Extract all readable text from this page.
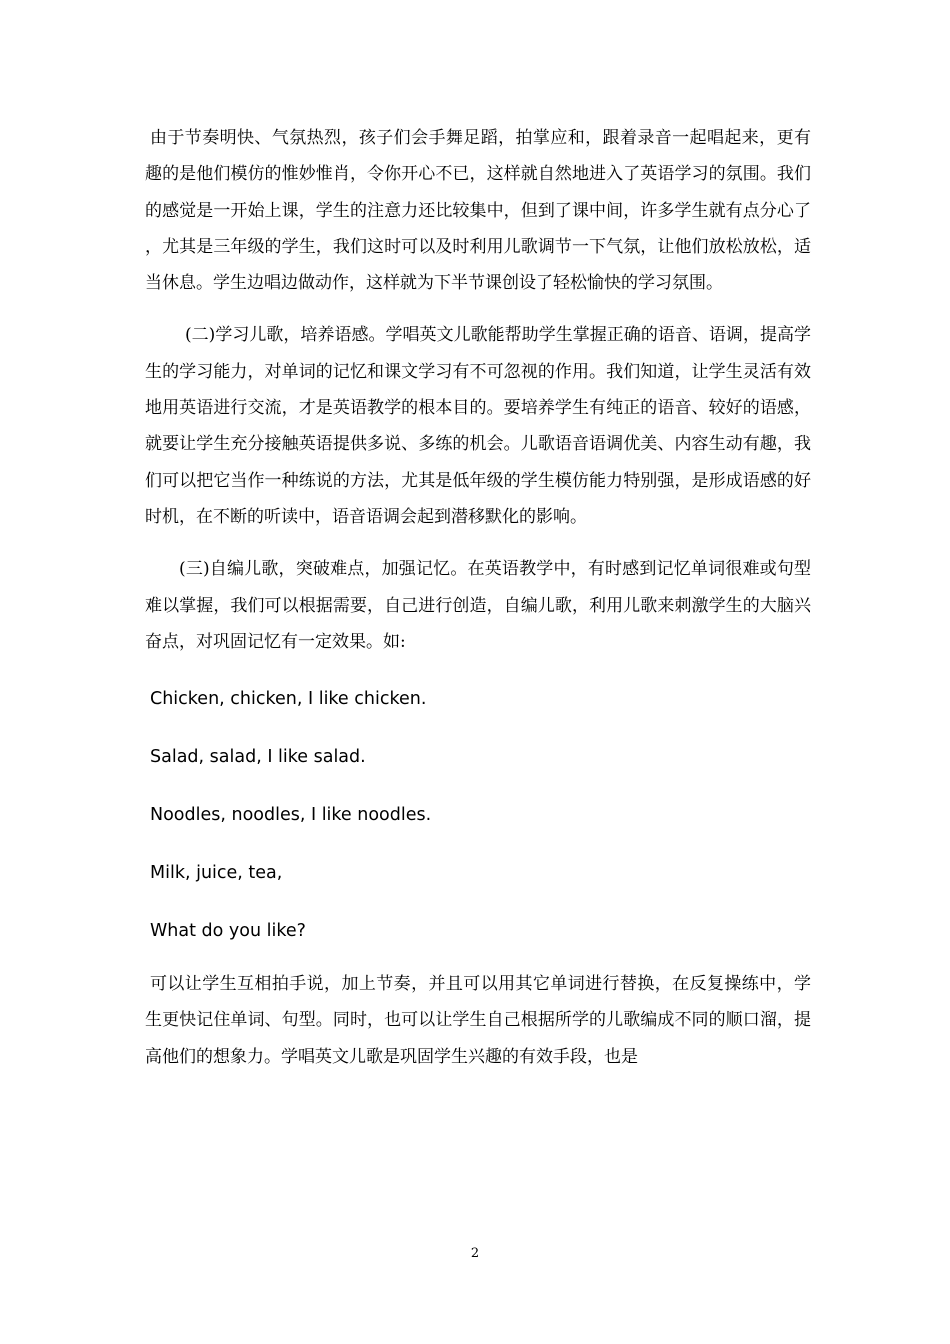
由于节奏明快、气氛热烈，孩子们会手舞足蹈，拍掌应和，跟着录音一起唱起来，更有趣的是他们模仿的惟妙惟肖，令你开心不已，这样就自然地进入了英语学习的氛围。我们的感觉是一开始上课，学生的注意力还比较集中，但到了课中间，许多学生就有点分心了，尤其是三年级的学生，我们这时可以及时利用儿歌调节一下气氛，让他们放松放松，适当休息。学生边唱边做动作，这样就为下半节课创设了轻松愉快的学习氛围。

(二)学习儿歌，培养语感。学唱英文儿歌能帮助学生掌握正确的语音、语调，提高学生的学习能力，对单词的记忆和课文学习有不可忽视的作用。我们知道，让学生灵活有效地用英语进行交流，才是英语教学的根本目的。要培养学生有纯正的语音、较好的语感，就要让学生充分接触英语提供多说、多练的机会。儿歌语音语调优美、内容生动有趣，我们可以把它当作一种练说的方法，尤其是低年级的学生模仿能力特别强，是形成语感的好时机，在不断的听读中，语音语调会起到潜移默化的影响。

(三)自编儿歌，突破难点，加强记忆。在英语教学中，有时感到记忆单词很难或句型难以掌握，我们可以根据需要，自己进行创造，自编儿歌，利用儿歌来刺激学生的大脑兴奋点，对巩固记忆有一定效果。如:

Chicken, chicken, I like chicken.

Salad, salad, I like salad.

Noodles, noodles, I like noodles.

Milk, juice, tea,

What do you like?

可以让学生互相拍手说，加上节奏，并且可以用其它单词进行替换，在反复操练中，学生更快记住单词、句型。同时，也可以让学生自己根据所学的儿歌编成不同的顺口溜，提高他们的想象力。学唱英文儿歌是巩固学生兴趣的有效手段，也是

2
